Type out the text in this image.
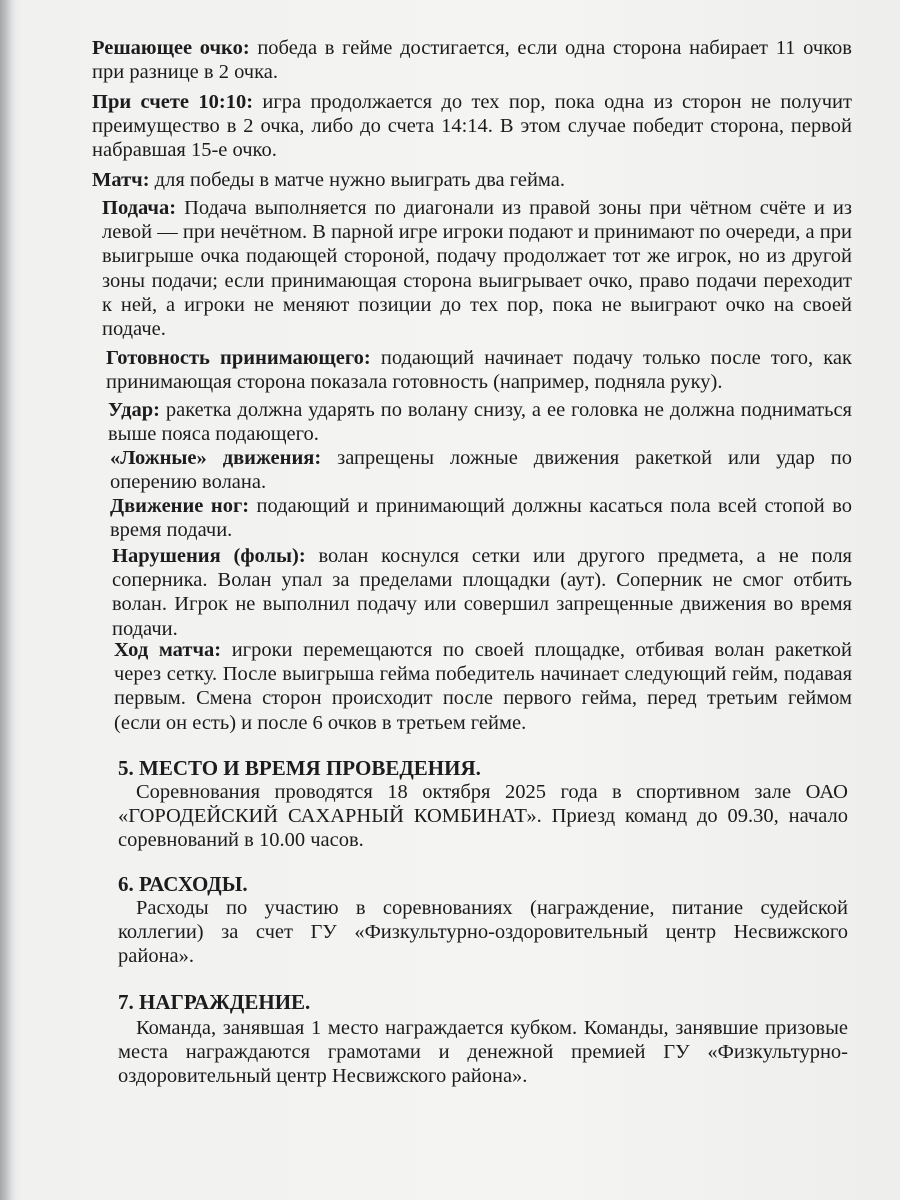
Решающее очко: победа в гейме достигается, если одна сторона набирает 11 очков при разнице в 2 очка.
При счете 10:10: игра продолжается до тех пор, пока одна из сторон не получит преимущество в 2 очка, либо до счета 14:14. В этом случае победит сторона, первой набравшая 15-е очко.
Матч: для победы в матче нужно выиграть два гейма.
Подача: Подача выполняется по диагонали из правой зоны при чётном счёте и из левой — при нечётном. В парной игре игроки подают и принимают по очереди, а при выигрыше очка подающей стороной, подачу продолжает тот же игрок, но из другой зоны подачи; если принимающая сторона выигрывает очко, право подачи переходит к ней, а игроки не меняют позиции до тех пор, пока не выиграют очко на своей подаче.
Готовность принимающего: подающий начинает подачу только после того, как принимающая сторона показала готовность (например, подняла руку).
Удар: ракетка должна ударять по волану снизу, а ее головка не должна подниматься выше пояса подающего.
«Ложные» движения: запрещены ложные движения ракеткой или удар по оперению волана.
Движение ног: подающий и принимающий должны касаться пола всей стопой во время подачи.
Нарушения (фолы): волан коснулся сетки или другого предмета, а не поля соперника. Волан упал за пределами площадки (аут). Соперник не смог отбить волан. Игрок не выполнил подачу или совершил запрещенные движения во время подачи.
Ход матча: игроки перемещаются по своей площадке, отбивая волан ракеткой через сетку. После выигрыша гейма победитель начинает следующий гейм, подавая первым. Смена сторон происходит после первого гейма, перед третьим геймом (если он есть) и после 6 очков в третьем гейме.
5. МЕСТО И ВРЕМЯ ПРОВЕДЕНИЯ.
Соревнования проводятся 18 октября 2025 года в спортивном зале ОАО «ГОРОДЕЙСКИЙ САХАРНЫЙ КОМБИНАТ». Приезд команд до 09.30, начало соревнований в 10.00 часов.
6. РАСХОДЫ.
Расходы по участию в соревнованиях (награждение, питание судейской коллегии) за счет ГУ «Физкультурно-оздоровительный центр Несвижского района».
7. НАГРАЖДЕНИЕ.
Команда, занявшая 1 место награждается кубком. Команды, занявшие призовые места награждаются грамотами и денежной премией ГУ «Физкультурно-оздоровительный центр Несвижского района».
